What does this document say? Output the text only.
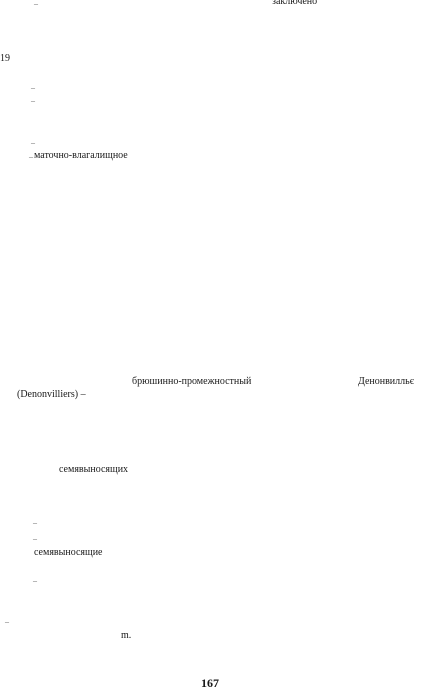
–	заключено
19
–
–
–
– маточно-влагалищное
брюшинно-промежностный	Денонвилльє
(Denonvilliers) –
семявыносящих
–
–
семявыносящие
–
–
m.
167
